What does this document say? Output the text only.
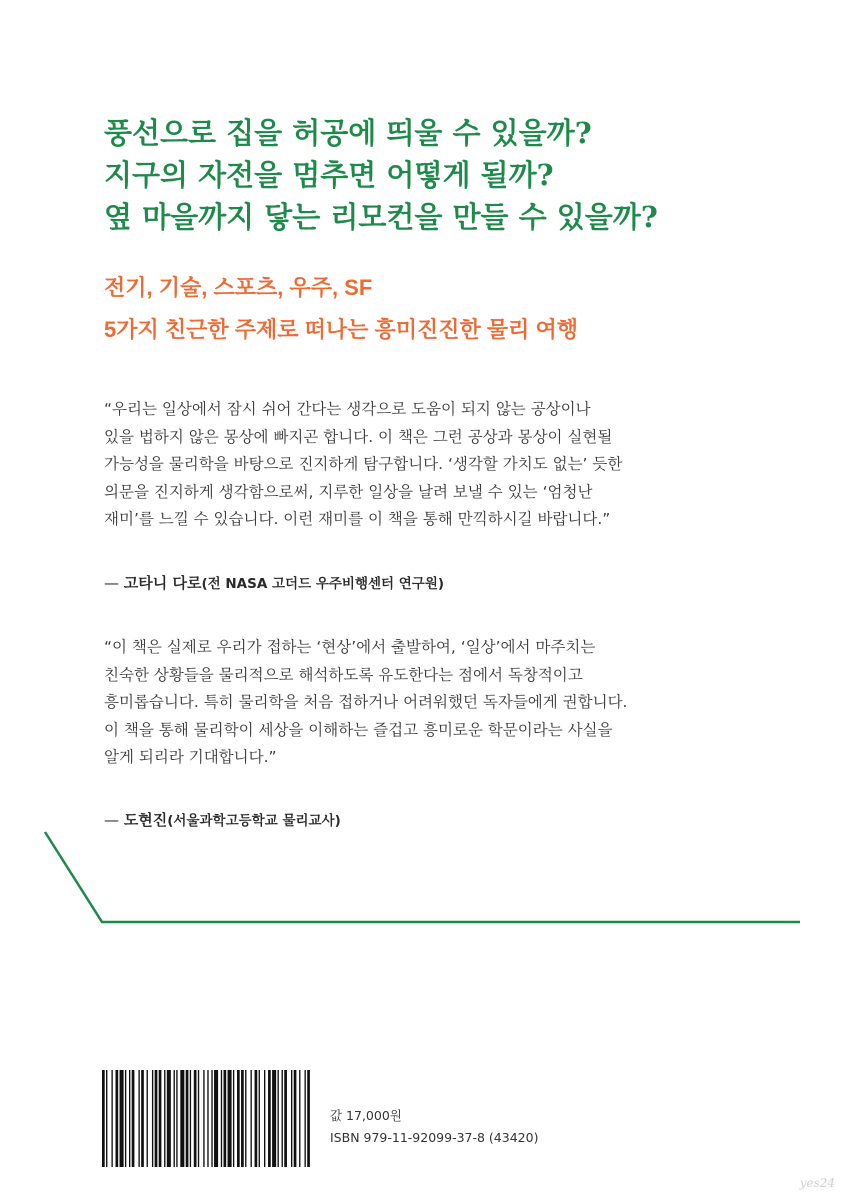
풍선으로 집을 허공에 띄울 수 있을까?
지구의 자전을 멈추면 어떻게 될까?
옆 마을까지 닿는 리모컨을 만들 수 있을까?
전기, 기술, 스포츠, 우주, SF
5가지 친근한 주제로 떠나는 흥미진진한 물리 여행
“우리는 일상에서 잠시 쉬어 간다는 생각으로 도움이 되지 않는 공상이나
있을 법하지 않은 몽상에 빠지곤 합니다. 이 책은 그런 공상과 몽상이 실현될
가능성을 물리학을 바탕으로 진지하게 탐구합니다. ‘생각할 가치도 없는’ 듯한
의문을 진지하게 생각함으로써, 지루한 일상을 날려 보낼 수 있는 ‘엄청난
재미’를 느낄 수 있습니다. 이런 재미를 이 책을 통해 만끽하시길 바랍니다.”
— 고타니 다로(전 NASA 고더드 우주비행센터 연구원)
“이 책은 실제로 우리가 접하는 ‘현상’에서 출발하여, ‘일상’에서 마주치는
친숙한 상황들을 물리적으로 해석하도록 유도한다는 점에서 독창적이고
흥미롭습니다. 특히 물리학을 처음 접하거나 어려워했던 독자들에게 권합니다.
이 책을 통해 물리학이 세상을 이해하는 즐겁고 흥미로운 학문이라는 사실을
알게 되리라 기대합니다.”
— 도현진(서울과학고등학교 물리교사)
값 17,000원
ISBN 979-11-92099-37-8 (43420)
yes24
